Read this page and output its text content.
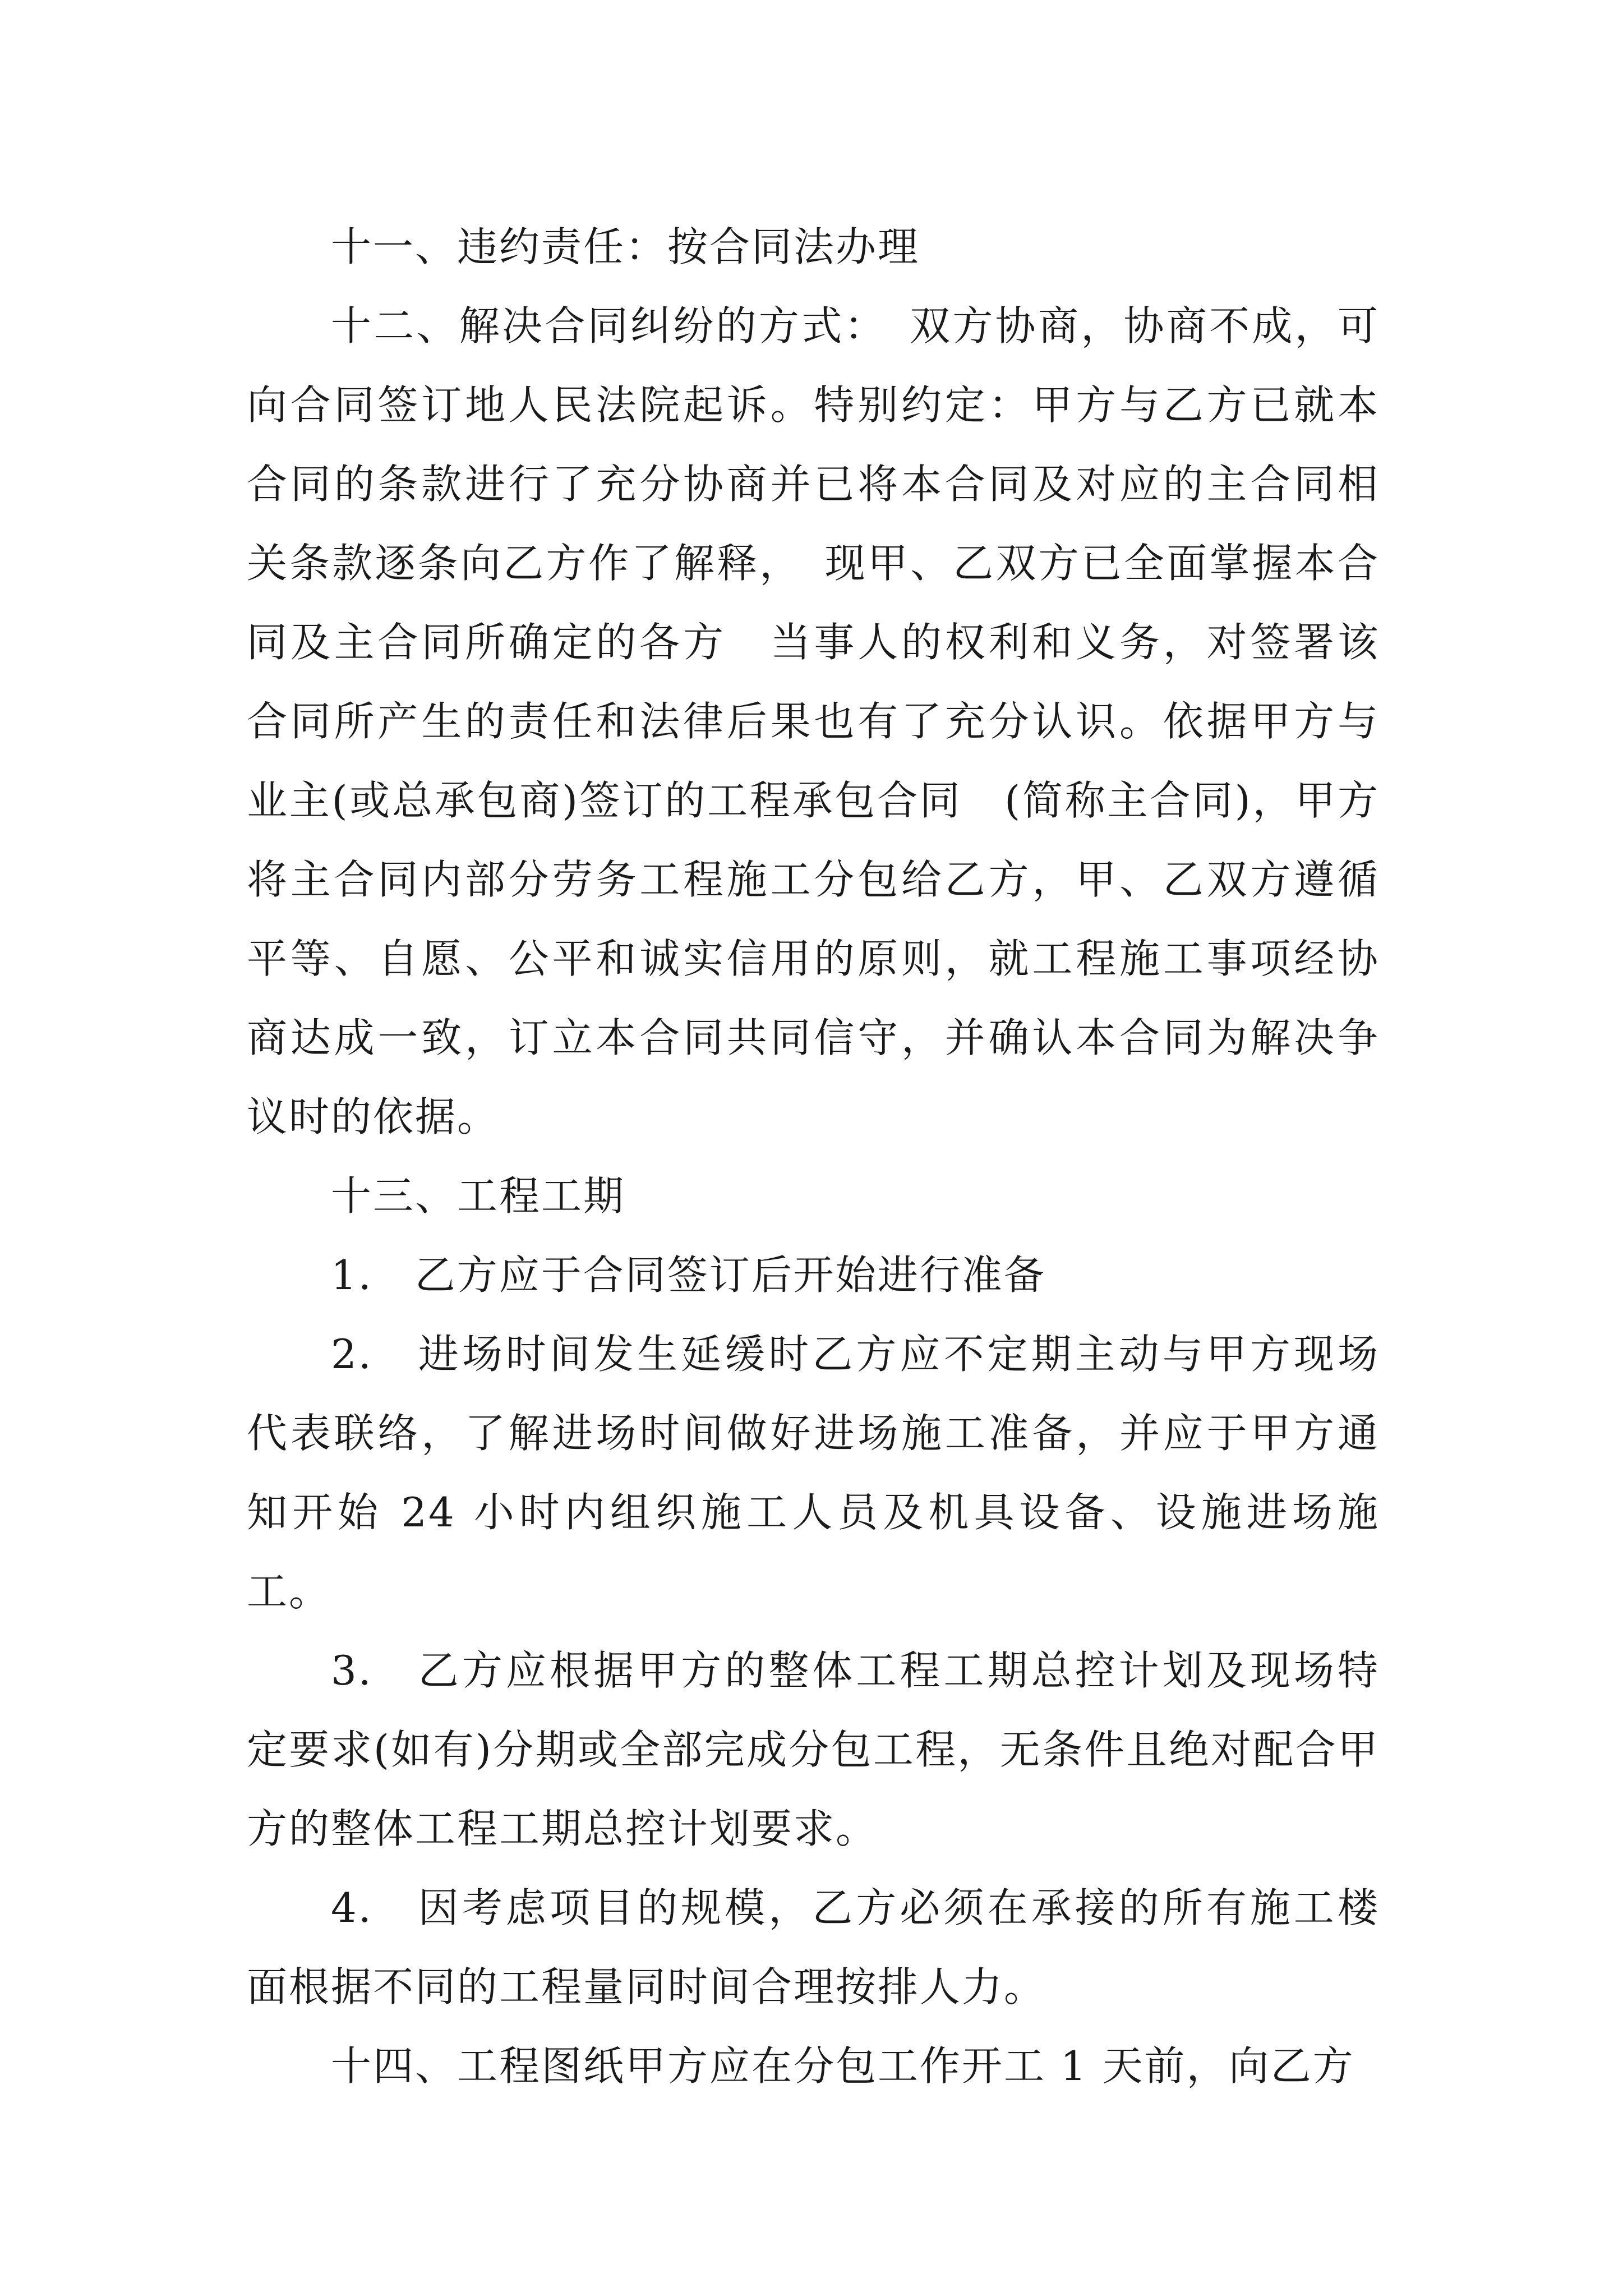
十一、违约责任：按合同法办理

十二、解决合同纠纷的方式：　双方协商，协商不成，可向合同签订地人民法院起诉。特别约定：甲方与乙方已就本合同的条款进行了充分协商并已将本合同及对应的主合同相关条款逐条向乙方作了解释，　现甲、乙双方已全面掌握本合同及主合同所确定的各方　当事人的权利和义务，对签署该合同所产生的责任和法律后果也有了充分认识。依据甲方与业主(或总承包商)签订的工程承包合同　(简称主合同)，甲方将主合同内部分劳务工程施工分包给乙方，甲、乙双方遵循平等、自愿、公平和诚实信用的原则，就工程施工事项经协商达成一致，订立本合同共同信守，并确认本合同为解决争议时的依据。

十三、工程工期

1.　乙方应于合同签订后开始进行准备

2.　进场时间发生延缓时乙方应不定期主动与甲方现场代表联络，了解进场时间做好进场施工准备，并应于甲方通知开始 24 小时内组织施工人员及机具设备、设施进场施工。

3.　乙方应根据甲方的整体工程工期总控计划及现场特定要求(如有)分期或全部完成分包工程，无条件且绝对配合甲方的整体工程工期总控计划要求。

4.　因考虑项目的规模，乙方必须在承接的所有施工楼面根据不同的工程量同时间合理按排人力。

十四、工程图纸甲方应在分包工作开工 1 天前，向乙方
